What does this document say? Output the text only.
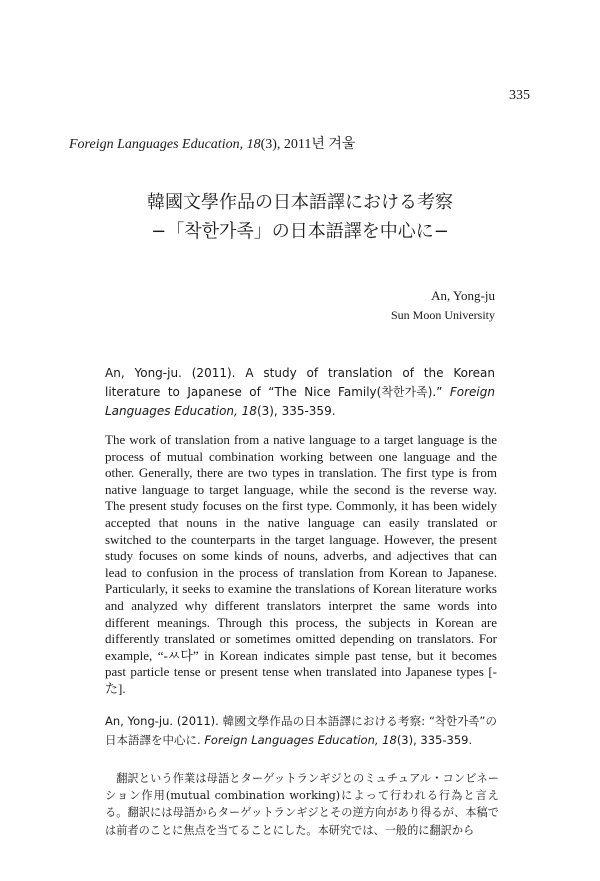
335
Foreign Languages Education, 18(3), 2011년 겨울
韓國文學作品の日本語譯における考察
−「착한가족」の日本語譯を中心に−
An, Yong-ju
Sun Moon University
An, Yong-ju. (2011). A study of translation of the Korean literature to Japanese of “The Nice Family(착한가족).” Foreign Languages Education, 18(3), 335-359.

The work of translation from a native language to a target language is the process of mutual combination working between one language and the other. Generally, there are two types in translation. The first type is from native language to target language, while the second is the reverse way. The present study focuses on the first type. Commonly, it has been widely accepted that nouns in the native language can easily translated or switched to the counterparts in the target language. However, the present study focuses on some kinds of nouns, adverbs, and adjectives that can lead to confusion in the process of translation from Korean to Japanese. Particularly, it seeks to examine the translations of Korean literature works and analyzed why different translators interpret the same words into different meanings. Through this process, the subjects in Korean are differently translated or sometimes omitted depending on translators. For example, “-ㅆ다” in Korean indicates simple past tense, but it becomes past particle tense or present tense when translated into Japanese types [-た].

An, Yong-ju. (2011). 韓國文學作品の日本語譯における考察: “착한가족”の日本語譯を中心に. Foreign Languages Education, 18(3), 335-359.

翻訳という作業は母語とターゲットランギジとのミュチュアル・コンビネーション作用(mutual combination working)によって行われる行為と言える。翻訳には母語からターゲットランギジとその逆方向があり得るが、本稿では前者のことに焦点を当てることにした。本研究では、一般的に翻訳から
